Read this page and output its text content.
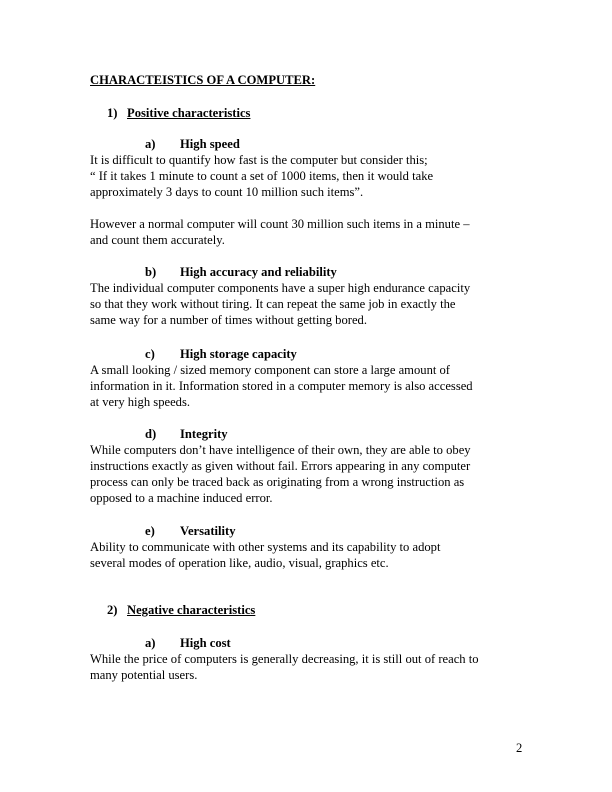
CHARACTEISTICS OF A COMPUTER:
1) Positive characteristics
a) High speed
It is difficult to quantify how fast is the computer but consider this;
“ If it takes 1 minute to count a set of 1000 items, then it would take
approximately 3 days to count 10 million such items”.
However a normal computer will count 30 million such items in a minute –
and count them accurately.
b) High accuracy and reliability
The individual computer components have a super high endurance capacity
so that they work without tiring. It can repeat the same job in exactly the
same way for a number of times without getting bored.
c) High storage capacity
A small looking / sized memory component can store a large amount of
information in it. Information stored in a computer memory is also accessed
at very high speeds.
d) Integrity
While computers don’t have intelligence of their own, they are able to obey
instructions exactly as given without fail. Errors appearing in any computer
process can only be traced back as originating from a wrong instruction as
opposed to a machine induced error.
e) Versatility
Ability to communicate with other systems and its capability to adopt
several modes of operation like, audio, visual, graphics etc.
2) Negative characteristics
a) High cost
While the price of computers is generally decreasing, it is still out of reach to
many potential users.
2
